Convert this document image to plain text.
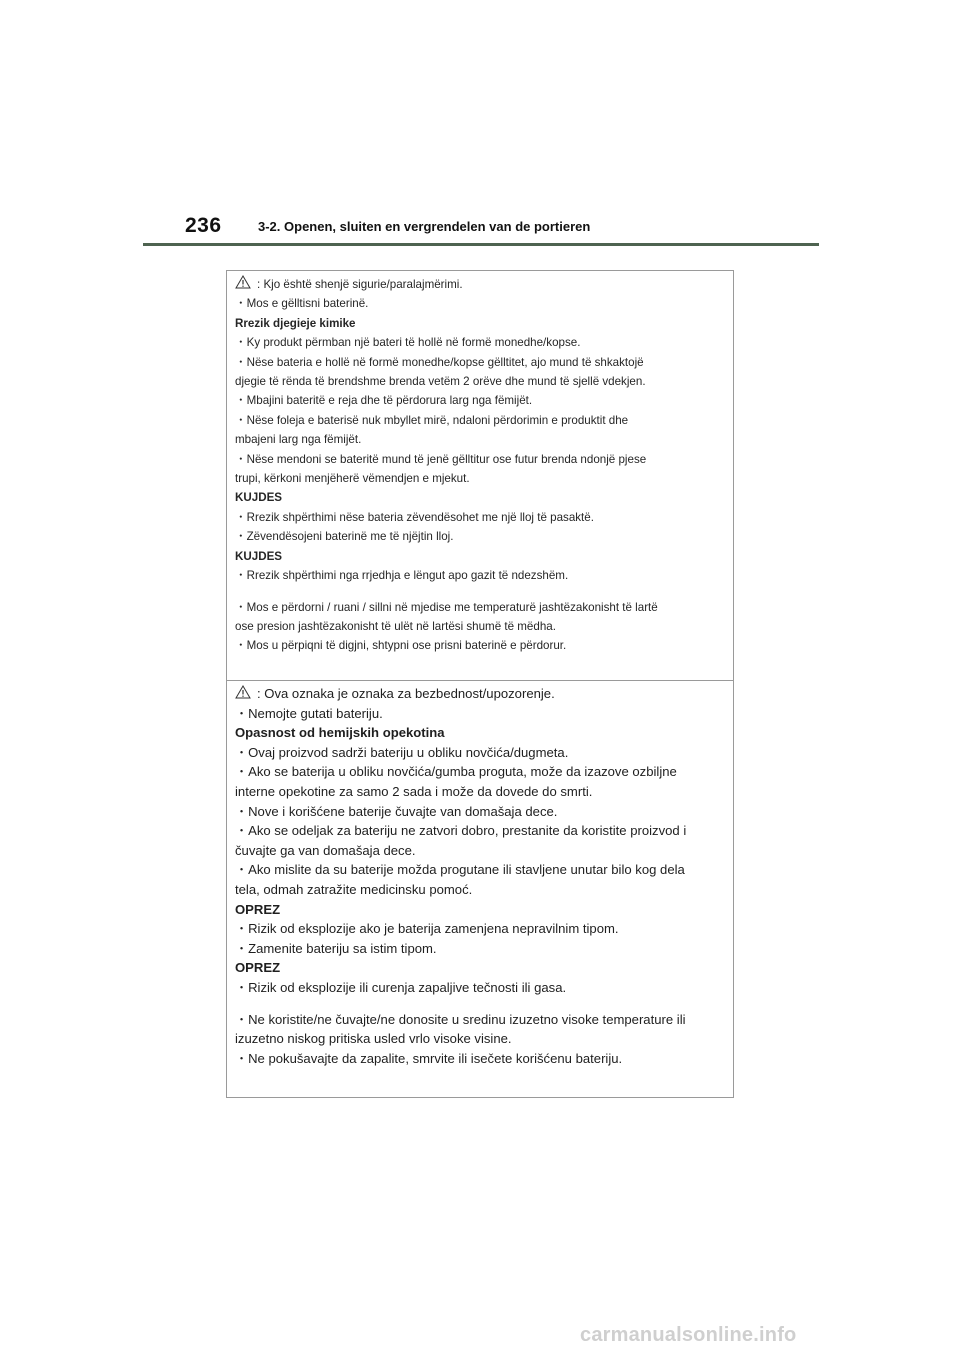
236	3-2. Openen, sluiten en vergrendelen van de portieren
: Kjo është shenjë sigurie/paralajmërimi.
・Mos e gëlltisni baterinë.
Rrezik djegieje kimike
・Ky produkt përmban një bateri të hollë në formë monedhe/kopse.
・Nëse bateria e hollë në formë monedhe/kopse gëlltitet, ajo mund të shkaktojë
djegie të rënda të brendshme brenda vetëm 2 orëve dhe mund të sjellë vdekjen.
・Mbajini bateritë e reja dhe të përdorura larg nga fëmijët.
・Nëse foleja e baterisë nuk mbyllet mirë, ndaloni përdorimin e produktit dhe
mbajeni larg nga fëmijët.
・Nëse mendoni se bateritë mund të jenë gëlltitur ose futur brenda ndonjë pjese
trupi, kërkoni menjëherë vëmendjen e mjekut.
KUJDES
・Rrezik shpërthimi nëse bateria zëvendësohet me një lloj të pasaktë.
・Zëvendësojeni baterinë me të njëjtin lloj.
KUJDES
・Rrezik shpërthimi nga rrjedhja e lëngut apo gazit të ndezshëm.
・Mos e përdorni / ruani / sillni në mjedise me temperaturë jashtëzakonisht të lartë
ose presion jashtëzakonisht të ulët në lartësi shumë të mëdha.
・Mos u përpiqni të digjni, shtypni ose prisni baterinë e përdorur.
: Ova oznaka je oznaka za bezbednost/upozorenje.
・Nemojte gutati bateriju.
Opasnost od hemijskih opekotina
・Ovaj proizvod sadrži bateriju u obliku novčića/dugmeta.
・Ako se baterija u obliku novčića/gumba proguta, može da izazove ozbiljne
interne opekotine za samo 2 sada i može da dovede do smrti.
・Nove i korišćene baterije čuvajte van domašaja dece.
・Ako se odeljak za bateriju ne zatvori dobro, prestanite da koristite proizvod i
čuvajte ga van domašaja dece.
・Ako mislite da su baterije možda progutane ili stavljene unutar bilo kog dela
tela, odmah zatražite medicinsku pomoć.
OPREZ
・Rizik od eksplozije ako je baterija zamenjena nepravilnim tipom.
・Zamenite bateriju sa istim tipom.
OPREZ
・Rizik od eksplozije ili curenja zapaljive tečnosti ili gasa.
・Ne koristite/ne čuvajte/ne donosite u sredinu izuzetno visoke temperature ili
izuzetno niskog pritiska usled vrlo visoke visine.
・Ne pokušavajte da zapalite, smrvite ili isečete korišćenu bateriju.
carmanualsonline.info
